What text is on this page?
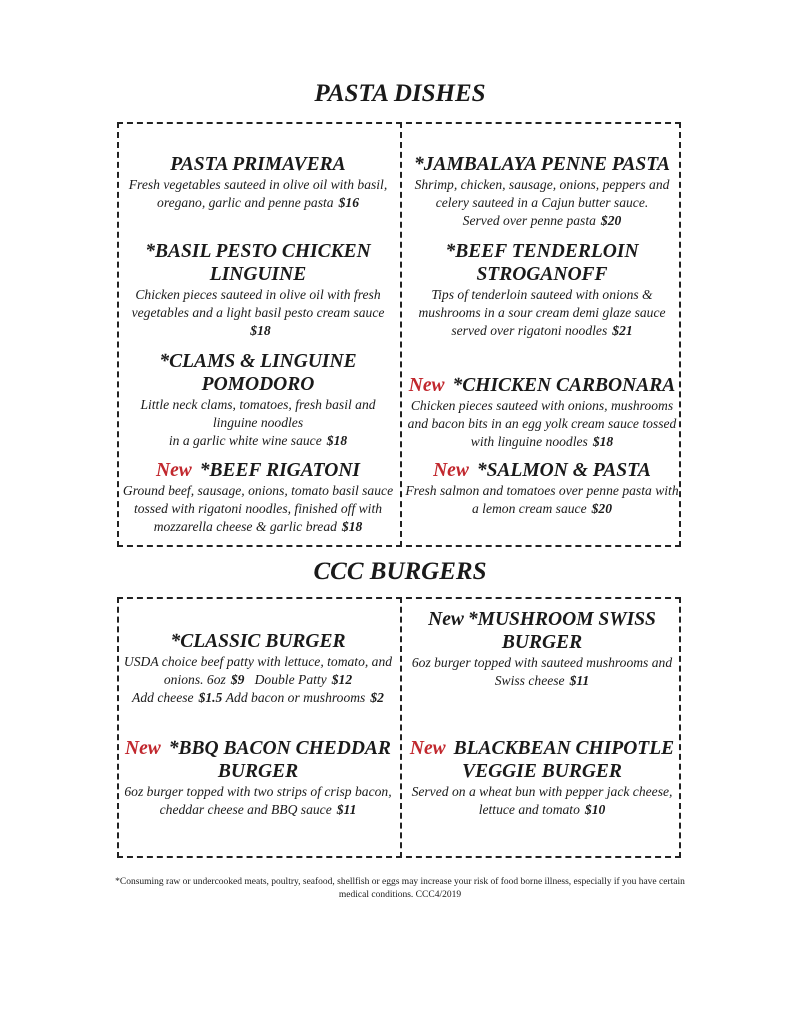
PASTA DISHES
PASTA PRIMAVERA
Fresh vegetables sauteed in olive oil with basil,
oregano, garlic and penne pasta $16
*BASIL PESTO CHICKEN
LINGUINE
Chicken pieces sauteed in olive oil with fresh
vegetables and a light basil pesto cream sauce
$18
*CLAMS & LINGUINE
POMODORO
Little neck clams, tomatoes, fresh basil and
linguine noodles
in a garlic white wine sauce $18
New *BEEF RIGATONI
Ground beef, sausage, onions, tomato basil sauce
tossed with rigatoni noodles, finished off with
mozzarella cheese & garlic bread $18
*JAMBALAYA PENNE PASTA
Shrimp, chicken, sausage, onions, peppers and
celery sauteed in a Cajun butter sauce.
Served over penne pasta $20
*BEEF TENDERLOIN
STROGANOFF
Tips of tenderloin sauteed with onions &
mushrooms in a sour cream demi glaze sauce
served over rigatoni noodles $21
New *CHICKEN CARBONARA
Chicken pieces sauteed with onions, mushrooms
and bacon bits in an egg yolk cream sauce tossed
with linguine noodles $18
New *SALMON & PASTA
Fresh salmon and tomatoes over penne pasta with
a lemon cream sauce $20
CCC BURGERS
*CLASSIC BURGER
USDA choice beef patty with lettuce, tomato, and
onions. 6oz $9   Double Patty $12
Add cheese $1.5 Add bacon or mushrooms $2
New *BBQ BACON CHEDDAR
BURGER
6oz burger topped with two strips of crisp bacon,
cheddar cheese and BBQ sauce $11
New *MUSHROOM SWISS
BURGER
6oz burger topped with sauteed mushrooms and
Swiss cheese $11
New BLACKBEAN CHIPOTLE
VEGGIE BURGER
Served on a wheat bun with pepper jack cheese,
lettuce and tomato $10
*Consuming raw or undercooked meats, poultry, seafood, shellfish or eggs may increase your risk of food borne illness, especially if you have certain
medical conditions. CCC4/2019
